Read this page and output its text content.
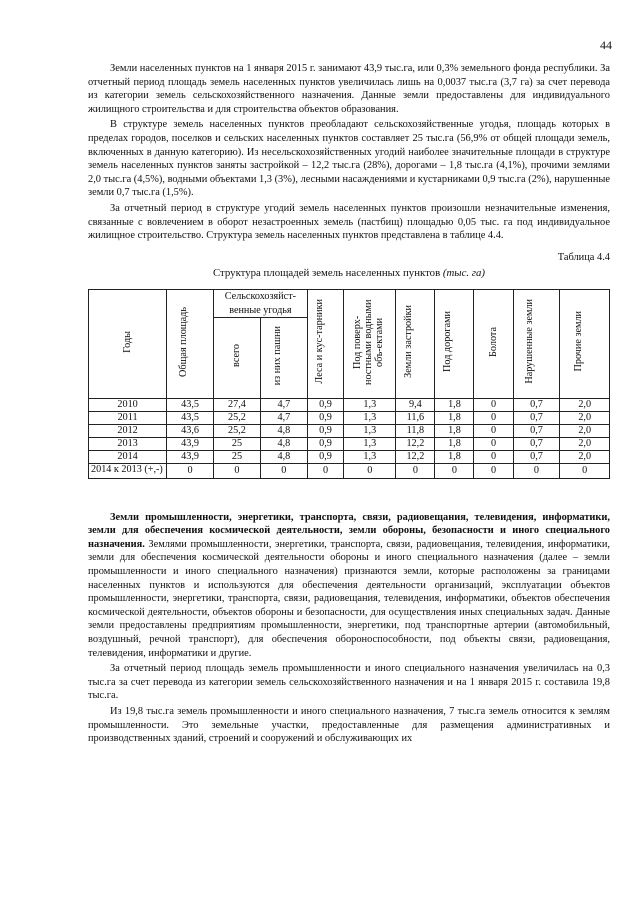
44

Земли населенных пунктов на 1 января 2015 г. занимают 43,9 тыс.га, или 0,3% земельного фонда республики. За отчетный период площадь земель населенных пунктов увеличилась лишь на 0,0037 тыс.га (3,7 га) за счет перевода из категории земель сельскохозяйственного назначения. Данные земли предоставлены для индивидуального жилищного строительства и для строительства объектов образования.

В структуре земель населенных пунктов преобладают сельскохозяйственные угодья, площадь которых в пределах городов, поселков и сельских населенных пунктов составляет 25 тыс.га (56,9% от общей площади земель, включенных в данную категорию). Из несельскохозяйственных угодий наиболее значительные площади в структуре земель населенных пунктов заняты застройкой – 12,2 тыс.га (28%), дорогами – 1,8 тыс.га (4,1%), прочими землями 2,0 тыс.га (4,5%), водными объектами 1,3 (3%), лесными насаждениями и кустарниками 0,9 тыс.га (2%), нарушенные земли 0,7 тыс.га (1,5%).

За отчетный период в структуре угодий земель населенных пунктов произошли незначительные изменения, связанные с вовлечением в оборот незастроенных земель (пастбищ) площадью 0,05 тыс. га под индивидуальное жилищное строительство. Структура земель населенных пунктов представлена в таблице 4.4.

Таблица 4.4
Структура площадей земель населенных пунктов (тыс. га)
Годы	Общая площадь	Сельскохозяйст-венные угодья		Леса и кус-тарники	Под поверх-ностными водными объ-ектами	Земли застройки	Под дорогами	Болота	Нарушенные земли	Прочие земли
		всего	из них пашни							
2010	43,5	27,4	4,7	0,9	1,3	9,4	1,8	0	0,7	2,0
2011	43,5	25,2	4,7	0,9	1,3	11,6	1,8	0	0,7	2,0
2012	43,6	25,2	4,8	0,9	1,3	11,8	1,8	0	0,7	2,0
2013	43,9	25	4,8	0,9	1,3	12,2	1,8	0	0,7	2,0
2014	43,9	25	4,8	0,9	1,3	12,2	1,8	0	0,7	2,0
2014 к 2013 (+,-)	0	0	0	0	0	0	0	0	0	0

Земли промышленности, энергетики, транспорта, связи, радиовещания, телевидения, информатики, земли для обеспечения космической деятельности, земли обороны, безопасности и иного специального назначения. Землями промышленности, энергетики, транспорта, связи, радиовещания, телевидения, информатики, земли для обеспечения космической деятельности обороны и иного специального назначения (далее – земли промышленности и иного специального назначения) признаются земли, которые расположены за границами населенных пунктов и используются для обеспечения деятельности организаций, эксплуатации объектов промышленности, энергетики, транспорта, связи, радиовещания, телевидения, информатики, объектов обеспечения космической деятельности, объектов обороны и безопасности, для осуществления иных специальных задач. Данные земли предоставлены предприятиям промышленности, энергетики, под транспортные артерии (автомобильный, воздушный, речной транспорт), для обеспечения обороноспособности, под объекты связи, радиовещания, телевидения, информатики и другие.

За отчетный период площадь земель промышленности и иного специального назначения увеличилась на 0,3 тыс.га за счет перевода из категории земель сельскохозяйственного назначения и на 1 января 2015 г. составила 19,8 тыс.га.

Из 19,8 тыс.га земель промышленности и иного специального назначения, 7 тыс.га земель относится к землям промышленности. Это земельные участки, предоставленные для размещения административных и производственных зданий, строений и сооружений и обслуживающих их
